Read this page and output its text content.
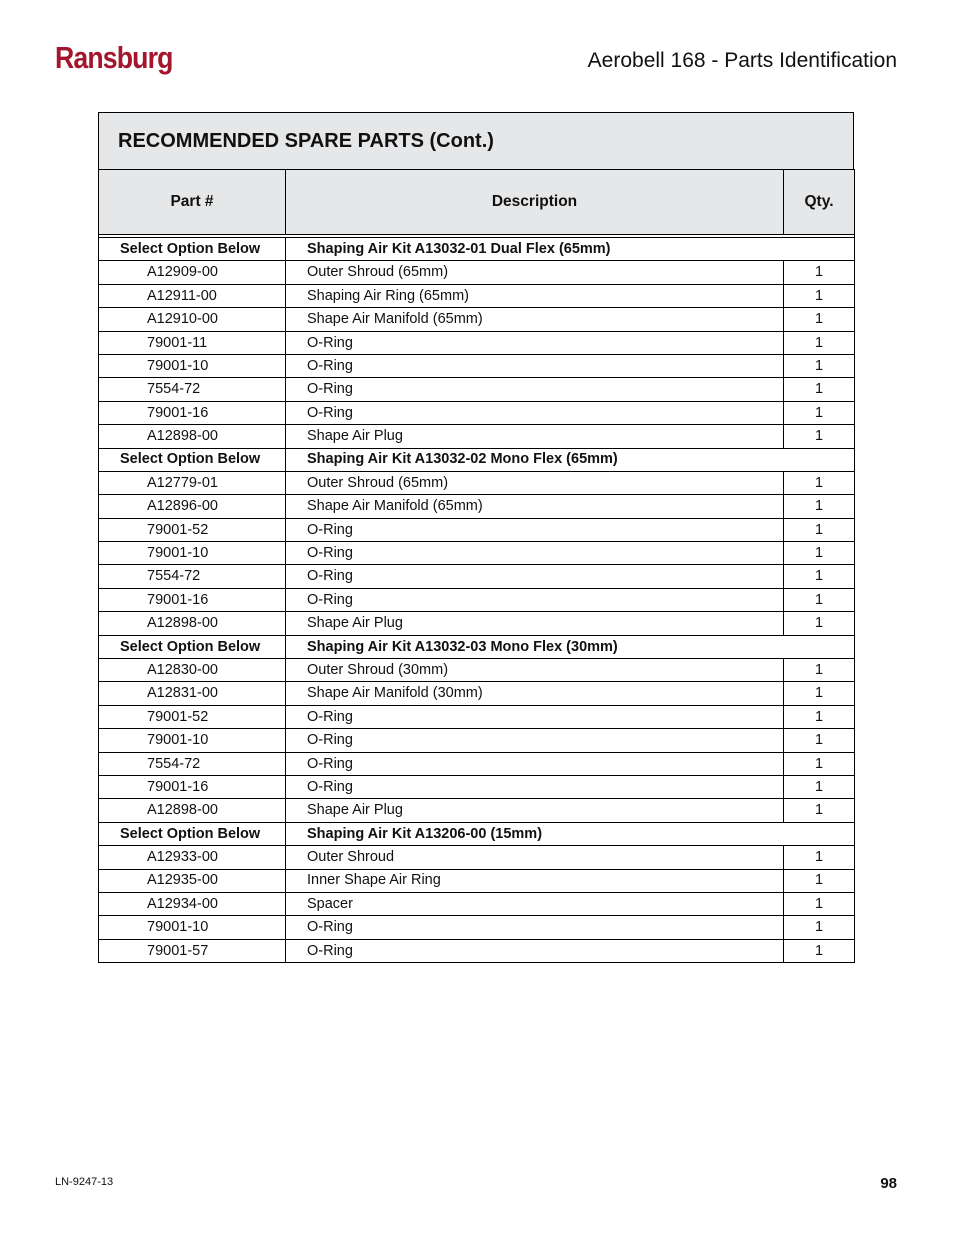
Ransburg	Aerobell 168 - Parts Identification
RECOMMENDED SPARE PARTS (Cont.)
Part #	Description	Qty.

Select Option Below	Shaping Air Kit A13032-01 Dual Flex (65mm)	
A12909-00	Outer Shroud (65mm)	1
A12911-00	Shaping Air Ring (65mm)	1
A12910-00	Shape Air Manifold (65mm)	1
79001-11	O-Ring	1
79001-10	O-Ring	1
7554-72	O-Ring	1
79001-16	O-Ring	1
A12898-00	Shape Air Plug	1
Select Option Below	Shaping Air Kit A13032-02 Mono Flex (65mm)	
A12779-01	Outer Shroud (65mm)	1
A12896-00	Shape Air Manifold (65mm)	1
79001-52	O-Ring	1
79001-10	O-Ring	1
7554-72	O-Ring	1
79001-16	O-Ring	1
A12898-00	Shape Air Plug	1
Select Option Below	Shaping Air Kit A13032-03 Mono Flex (30mm)	
A12830-00	Outer Shroud (30mm)	1
A12831-00	Shape Air Manifold (30mm)	1
79001-52	O-Ring	1
79001-10	O-Ring	1
7554-72	O-Ring	1
79001-16	O-Ring	1
A12898-00	Shape Air Plug	1
Select Option Below	Shaping Air Kit A13206-00 (15mm)	
A12933-00	Outer Shroud	1
A12935-00	Inner Shape Air Ring	1
A12934-00	Spacer	1
79001-10	O-Ring	1
79001-57	O-Ring	1
LN-9247-13	98
